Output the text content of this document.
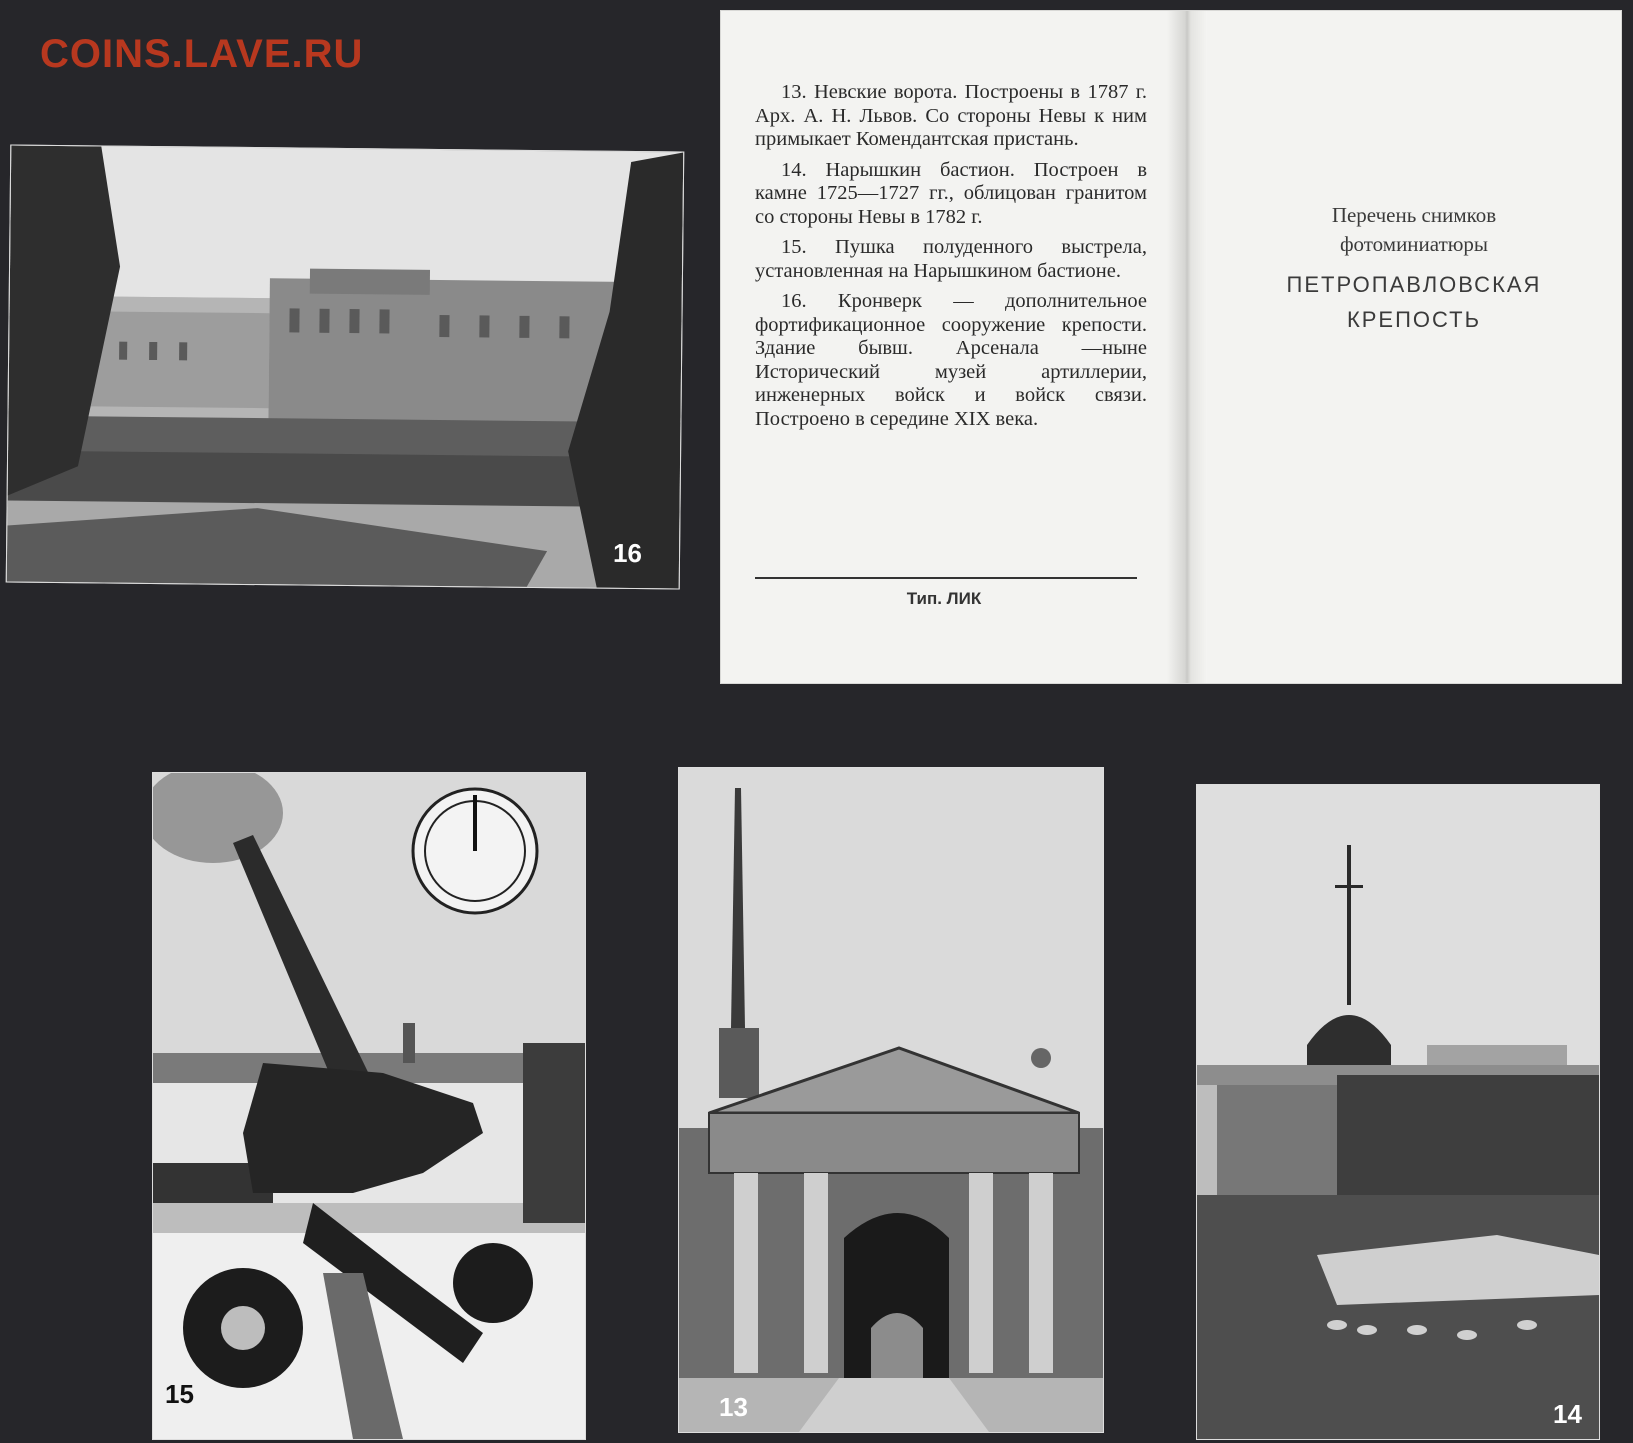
COINS.LAVE.RU
16

13. Невские ворота. Построены в 1787 г. Арх. А. Н. Львов. Со стороны Невы к ним примыкает Комендантская пристань.

14. Нарышкин бастион. Построен в камне 1725—1727 гг., облицован гранитом со стороны Невы в 1782 г.

15. Пушка полуденного выстрела, установленная на Нарышкином бастионе.

16. Кронверк — дополнительное фортификационное сооружение крепости. Здание бывш. Арсенала —ныне Исторический музей артиллерии, инженерных войск и войск связи. Построено в середине XIX века.

Тип. ЛИК
Перечень снимков
фотоминиатюры
ПЕТРОПАВЛОВСКАЯ
КРЕПОСТЬ
15	13	14
